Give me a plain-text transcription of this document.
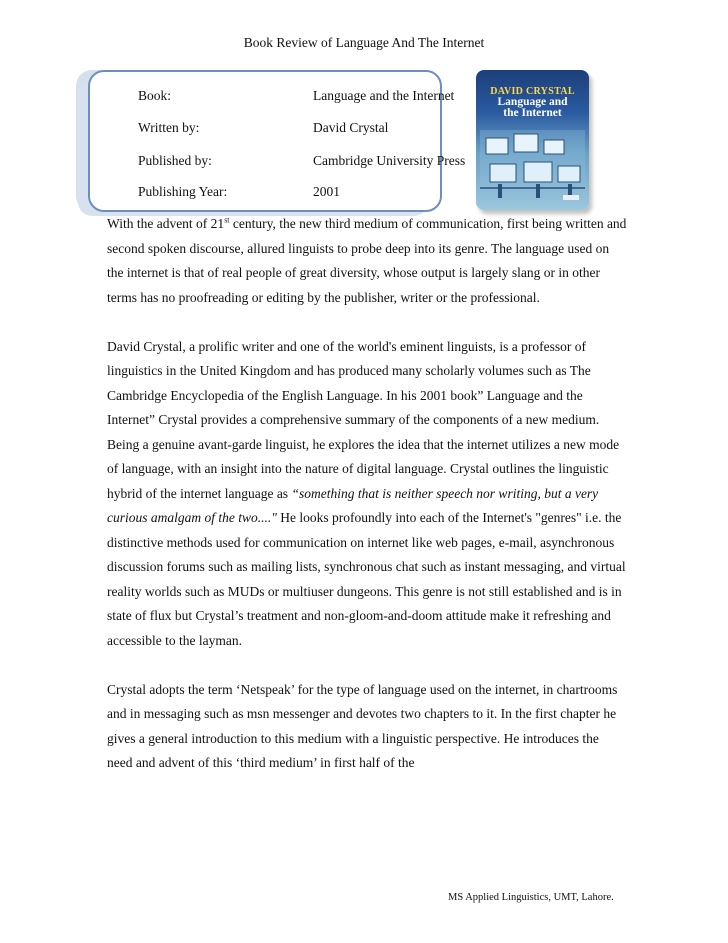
Book Review of Language And The Internet
Book:	Language and the Internet
Written by:	David Crystal
Published by:	Cambridge University Press
Publishing Year:	2001
DAVID CRYSTAL
Language and
the Internet

With the advent of 21st century, the new third medium of communication, first being written and second spoken discourse, allured linguists to probe deep into its genre. The language used on the internet is that of real people of great diversity, whose output is largely slang or in other terms has no proofreading or editing by the publisher, writer or the professional.

David Crystal, a prolific writer and one of the world's eminent linguists, is a professor of linguistics in the United Kingdom and has produced many scholarly volumes such as The Cambridge Encyclopedia of the English Language. In his 2001 book” Language and the Internet” Crystal provides a comprehensive summary of the components of a new medium. Being a genuine avant-garde linguist, he explores the idea that the internet utilizes a new mode of language, with an insight into the nature of digital language. Crystal outlines the linguistic hybrid of the internet language as “something that is neither speech nor writing, but a very curious amalgam of the two...." He looks profoundly into each of the Internet's "genres" i.e. the distinctive methods used for communication on internet like web pages, e-mail, asynchronous discussion forums such as mailing lists, synchronous chat such as instant messaging, and virtual reality worlds such as MUDs or multiuser dungeons. This genre is not still established and is in state of flux but Crystal’s treatment and non-gloom-and-doom attitude make it refreshing and accessible to the layman.

Crystal adopts the term ‘Netspeak’ for the type of language used on the internet, in chartrooms and in messaging such as msn messenger and devotes two chapters to it. In the first chapter he gives a general introduction to this medium with a linguistic perspective. He introduces the need and advent of this ‘third medium’ in first half of the

MS Applied Linguistics, UMT, Lahore.
